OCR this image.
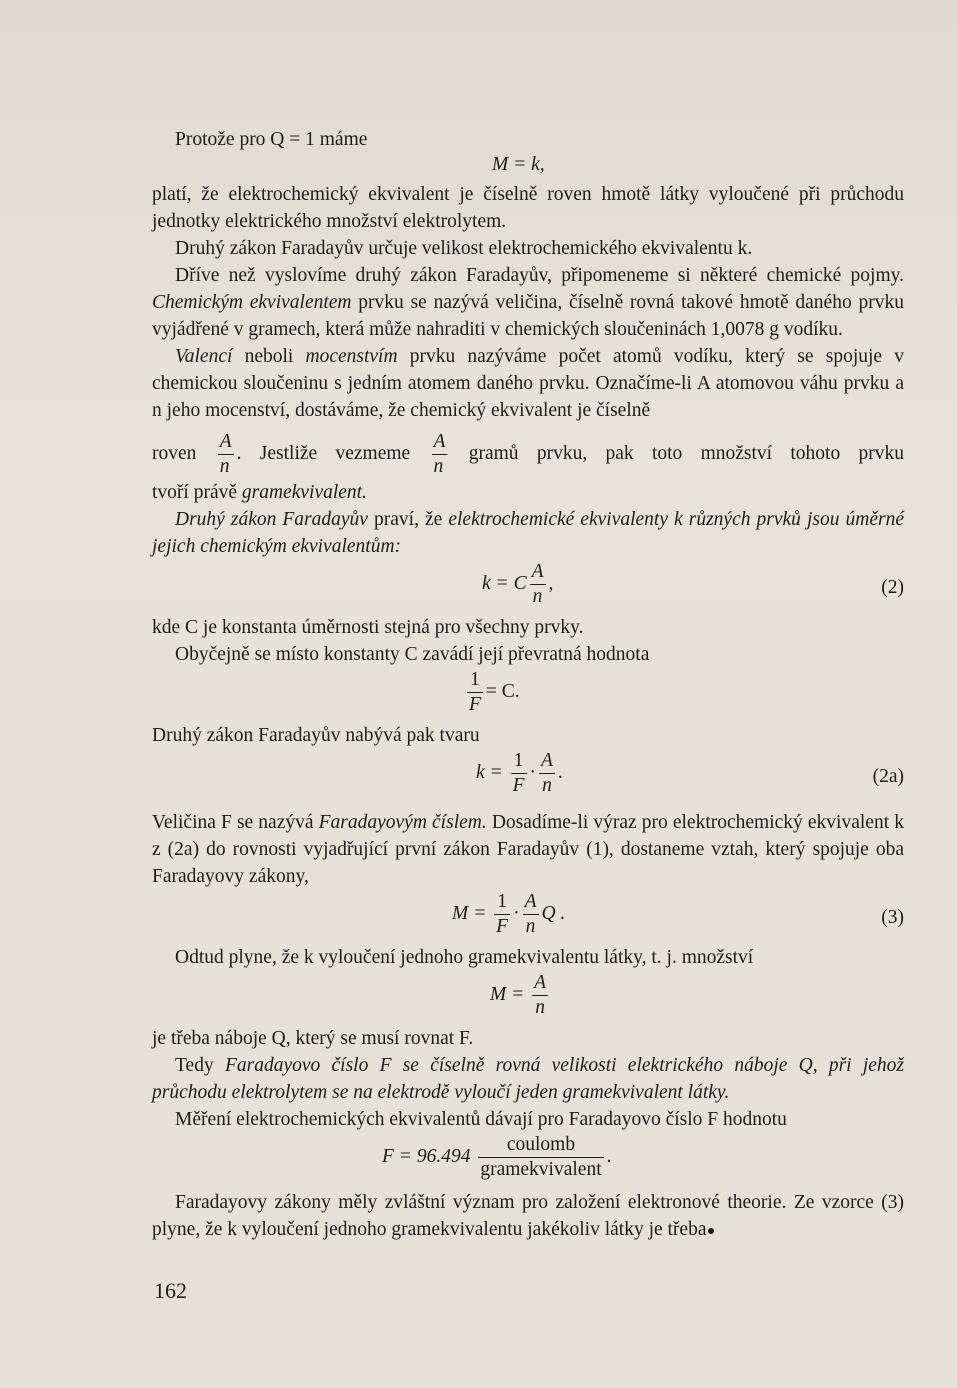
Protože pro Q = 1 máme

M = k,

platí, že elektrochemický ekvivalent je číselně roven hmotě látky vyloučené při průchodu jednotky elektrického množství elektrolytem.

Druhý zákon Faradayův určuje velikost elektrochemického ekvivalentu k.

Dříve než vyslovíme druhý zákon Faradayův, připomeneme si některé chemické pojmy. Chemickým ekvivalentem prvku se nazývá veličina, číselně rovná takové hmotě daného prvku vyjádřené v gramech, která může nahraditi v chemických sloučeninách 1,0078 g vodíku.

Valencí neboli mocenstvím prvku nazýváme počet atomů vodíku, který se spojuje v chemickou sloučeninu s jedním atomem daného prvku. Označíme-li A atomovou váhu prvku a n jeho mocenství, dostáváme, že chemický ekvivalent je číselně

roven $\frac{A}{n}$ . Jestliže vezmeme $\frac{A}{n}$ gramů prvku, pak toto množství tohoto prvku

tvoří právě gramekvivalent.

Druhý zákon Faradayův praví, že elektrochemické ekvivalenty k různých prvků jsou úměrné jejich chemickým ekvivalentům:

k = C $\frac{A}{n}$ ,	(2)

kde C je konstanta úměrnosti stejná pro všechny prvky.

Obyčejně se místo konstanty C zavádí její převratná hodnota

$\frac{1}{F} = C$.

Druhý zákon Faradayův nabývá pak tvaru

$k = \frac{1}{F} \cdot \frac{A}{n}$ .	(2a)

Veličina F se nazývá Faradayovým číslem. Dosadíme-li výraz pro elektrochemický ekvivalent k z (2a) do rovnosti vyjadřující první zákon Faradayův (1), dostaneme vztah, který spojuje oba Faradayovy zákony,

$M = \frac{1}{F} \cdot \frac{A}{n}$ Q .	(3)

Odtud plyne, že k vyloučení jednoho gramekvivalentu látky, t. j. množství

$M = \frac{A}{n}$

je třeba náboje Q, který se musí rovnat F.

Tedy Faradayovo číslo F se číselně rovná velikosti elektrického náboje Q, při jehož průchodu elektrolytem se na elektrodě vyloučí jeden gramekvivalent látky.

Měření elektrochemických ekvivalentů dávají pro Faradayovo číslo F hodnotu

$F = 96.494 \frac{\text{coulomb}}{\text{gramekvivalent}}$ .

Faradayovy zákony měly zvláštní význam pro založení elektronové theorie. Ze vzorce (3) plyne, že k vyloučení jednoho gramekvivalentu jakékoliv látky je třeba

162
